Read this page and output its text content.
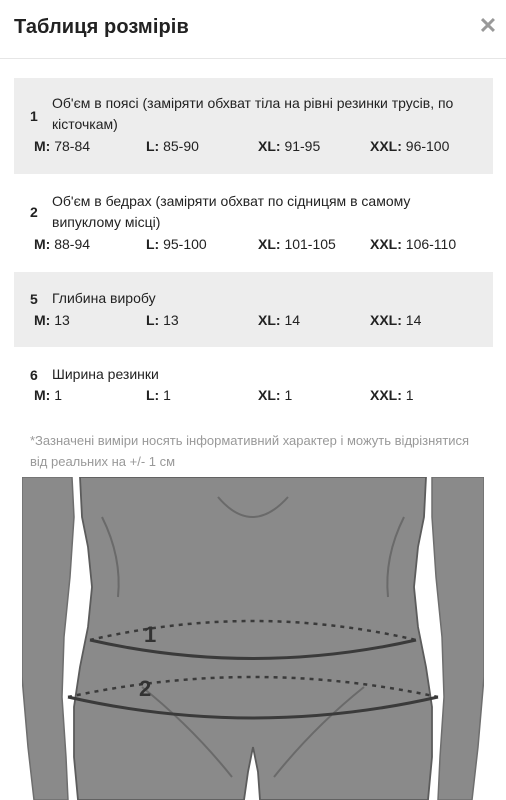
Таблиця розмірів	✕
1
Об'єм в поясі (заміряти обхват тіла на рівні резинки трусів, по кісточкам)
M: 78-84	L: 85-90	XL: 91-95	XXL: 96-100
2
Об'єм в бедрах (заміряти обхват по сідницям в самому випуклому місці)
M: 88-94	L: 95-100	XL: 101-105 XXL: 106-110
5 Глибина виробу
M: 13	L: 13	XL: 14	XXL: 14
6 Ширина резинки
M: 1	L: 1	XL: 1	XXL: 1
*Зазначені виміри носять інформативний характер і можуть відрізнятися від реальних на +/- 1 см
1
2
